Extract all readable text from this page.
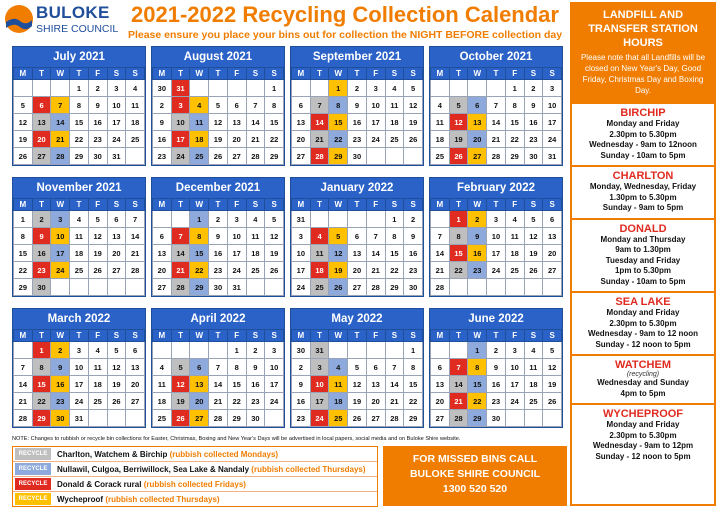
BULOKE
SHIRE COUNCIL
2021-2022 Recycling Collection Calendar
Please ensure you place your bins out for collection the NIGHT BEFORE collection day
July 2021
M	T	W	T	F	S	S
			1	2	3	4
5	6	7	8	9	10	11
12	13	14	15	16	17	18
19	20	21	22	23	24	25
26	27	28	29	30	31	
August 2021
M	T	W	T	F	S	S
30	31					1
2	3	4	5	6	7	8
9	10	11	12	13	14	15
16	17	18	19	20	21	22
23	24	25	26	27	28	29
September 2021
M	T	W	T	F	S	S
		1	2	3	4	5
6	7	8	9	10	11	12
13	14	15	16	17	18	19
20	21	22	23	24	25	26
27	28	29	30			
October 2021
M	T	W	T	F	S	S
				1	2	3
4	5	6	7	8	9	10
11	12	13	14	15	16	17
18	19	20	21	22	23	24
25	26	27	28	29	30	31
November 2021
M	T	W	T	F	S	S
1	2	3	4	5	6	7
8	9	10	11	12	13	14
15	16	17	18	19	20	21
22	23	24	25	26	27	28
29	30					
December 2021
M	T	W	T	F	S	S
		1	2	3	4	5
6	7	8	9	10	11	12
13	14	15	16	17	18	19
20	21	22	23	24	25	26
27	28	29	30	31		
January 2022
M	T	W	T	F	S	S
31					1	2
3	4	5	6	7	8	9
10	11	12	13	14	15	16
17	18	19	20	21	22	23
24	25	26	27	28	29	30
February 2022
M	T	W	T	F	S	S
	1	2	3	4	5	6
7	8	9	10	11	12	13
14	15	16	17	18	19	20
21	22	23	24	25	26	27
28						
March 2022
M	T	W	T	F	S	S
	1	2	3	4	5	6
7	8	9	10	11	12	13
14	15	16	17	18	19	20
21	22	23	24	25	26	27
28	29	30	31			
April 2022
M	T	W	T	F	S	S
				1	2	3
4	5	6	7	8	9	10
11	12	13	14	15	16	17
18	19	20	21	22	23	24
25	26	27	28	29	30	
May 2022
M	T	W	T	F	S	S
30	31					1
2	3	4	5	6	7	8
9	10	11	12	13	14	15
16	17	18	19	20	21	22
23	24	25	26	27	28	29
June 2022
M	T	W	T	F	S	S
		1	2	3	4	5
6	7	8	9	10	11	12
13	14	15	16	17	18	19
20	21	22	23	24	25	26
27	28	29	30			
NOTE: Changes to rubbish or recycle bin collections for Easter, Christmas, Boxing and New Year's Days will be advertised in local papers, social media and on Buloke Shire website.
RECYCLE	Charlton, Watchem & Birchip (rubbish collected Mondays)
RECYCLE	Nullawil, Culgoa, Berriwillock, Sea Lake & Nandaly (rubbish collected Thursdays)
RECYCLE	Donald & Corack rural (rubbish collected Fridays)
RECYCLE	Wycheproof (rubbish collected Thursdays)
FOR MISSED BINS CALL
BULOKE SHIRE COUNCIL
1300 520 520
LANDFILL AND TRANSFER STATION HOURS
Please note that all Landfills will be closed on New Year's Day, Good Friday, Christmas Day and Boxing Day.
BIRCHIP
Monday and Friday
2.30pm to 5.30pm
Wednesday - 9am to 12noon
Sunday - 10am to 5pm
CHARLTON
Monday, Wednesday, Friday
1.30pm to 5.30pm
Sunday - 9am to 5pm
DONALD
Monday and Thursday
9am to 1.30pm
Tuesday and Friday
1pm to 5.30pm
Sunday - 10am to 5pm
SEA LAKE
Monday and Friday
2.30pm to 5.30pm
Wednesday - 9am to 12 noon
Sunday - 12 noon to 5pm
WATCHEM
(recycling)
Wednesday and Sunday
4pm to 5pm
WYCHEPROOF
Monday and Friday
2.30pm to 5.30pm
Wednesday - 9am to 12pm
Sunday - 12 noon to 5pm
